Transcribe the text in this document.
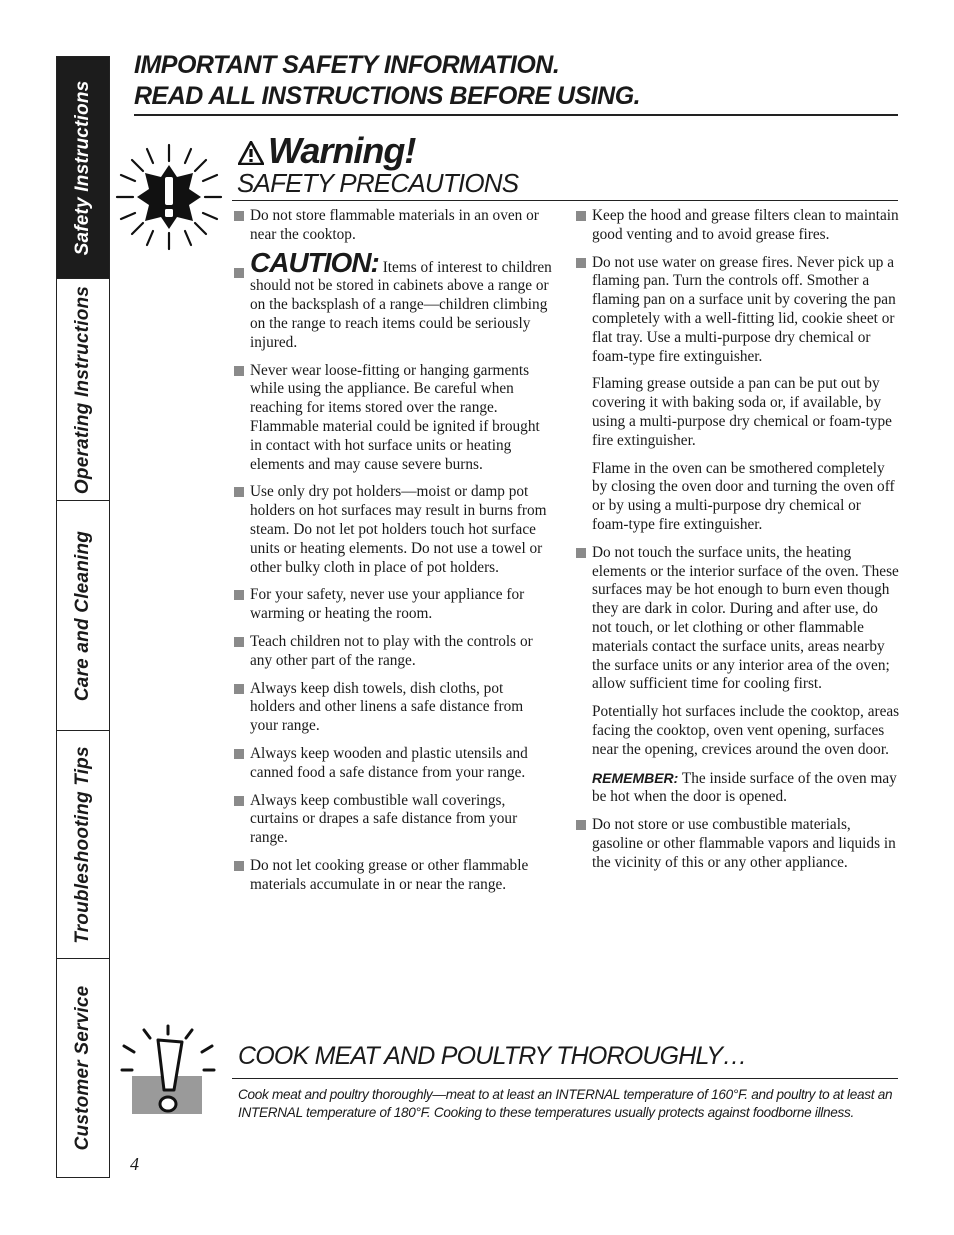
Safety Instructions
Operating Instructions
Care and Cleaning
Troubleshooting Tips
Customer Service
IMPORTANT SAFETY INFORMATION.
READ ALL INSTRUCTIONS BEFORE USING.
Warning!
SAFETY PRECAUTIONS
Do not store flammable materials in an oven or near the cooktop.
CAUTION: Items of interest to children should not be stored in cabinets above a range or on the backsplash of a range—children climbing on the range to reach items could be seriously injured.
Never wear loose-fitting or hanging garments while using the appliance. Be careful when reaching for items stored over the range. Flammable material could be ignited if brought in contact with hot surface units or heating elements and may cause severe burns.
Use only dry pot holders—moist or damp pot holders on hot surfaces may result in burns from steam. Do not let pot holders touch hot surface units or heating elements. Do not use a towel or other bulky cloth in place of pot holders.
For your safety, never use your appliance for warming or heating the room.
Teach children not to play with the controls or any other part of the range.
Always keep dish towels, dish cloths, pot holders and other linens a safe distance from your range.
Always keep wooden and plastic utensils and canned food a safe distance from your range.
Always keep combustible wall coverings, curtains or drapes a safe distance from your range.
Do not let cooking grease or other flammable materials accumulate in or near the range.
Keep the hood and grease filters clean to maintain good venting and to avoid grease fires.
Do not use water on grease fires. Never pick up a flaming pan. Turn the controls off. Smother a flaming pan on a surface unit by covering the pan completely with a well-fitting lid, cookie sheet or flat tray. Use a multi-purpose dry chemical or foam-type fire extinguisher.
Flaming grease outside a pan can be put out by covering it with baking soda or, if available, by using a multi-purpose dry chemical or foam-type fire extinguisher.
Flame in the oven can be smothered completely by closing the oven door and turning the oven off or by using a multi-purpose dry chemical or foam-type fire extinguisher.
Do not touch the surface units, the heating elements or the interior surface of the oven. These surfaces may be hot enough to burn even though they are dark in color. During and after use, do not touch, or let clothing or other flammable materials contact the surface units, areas nearby the surface units or any interior area of the oven; allow sufficient time for cooling first.
Potentially hot surfaces include the cooktop, areas facing the cooktop, oven vent opening, surfaces near the opening, crevices around the oven door.
REMEMBER: The inside surface of the oven may be hot when the door is opened.
Do not store or use combustible materials, gasoline or other flammable vapors and liquids in the vicinity of this or any other appliance.
COOK MEAT AND POULTRY THOROUGHLY…
Cook meat and poultry thoroughly—meat to at least an INTERNAL temperature of 160°F. and poultry to at least an INTERNAL temperature of 180°F. Cooking to these temperatures usually protects against foodborne illness.
4
